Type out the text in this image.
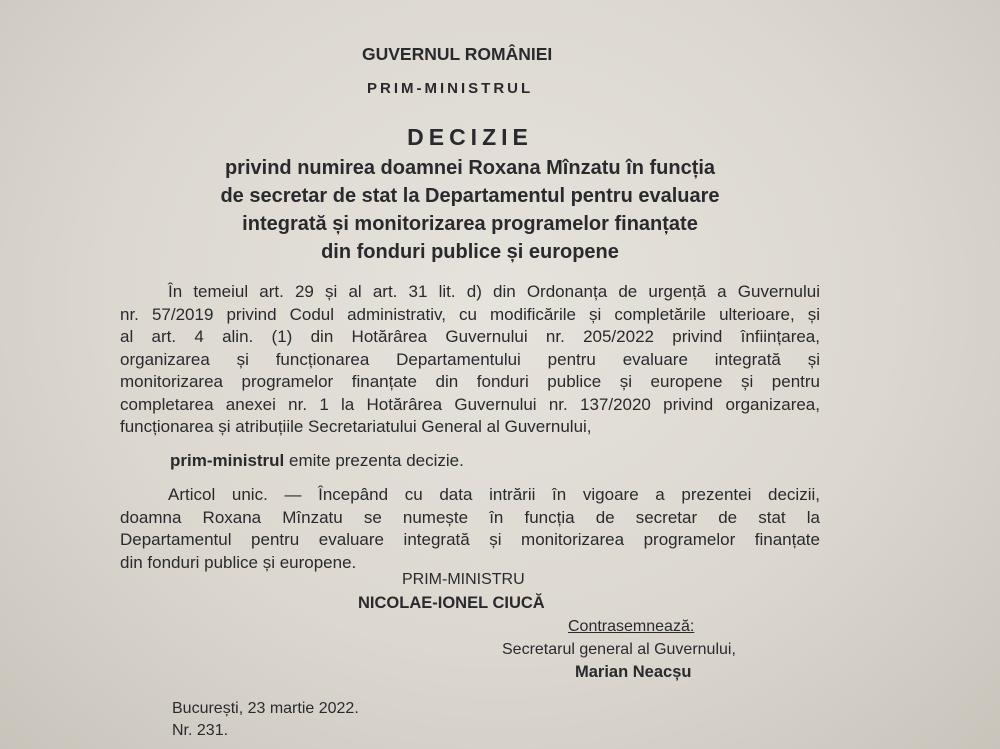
GUVERNUL ROMÂNIEI
PRIM-MINISTRUL
DECIZIE
privind numirea doamnei Roxana Mînzatu în funcția
de secretar de stat la Departamentul pentru evaluare
integrată și monitorizarea programelor finanțate
din fonduri publice și europene
În temeiul art. 29 și al art. 31 lit. d) din Ordonanța de urgență a Guvernului
nr. 57/2019 privind Codul administrativ, cu modificările și completările ulterioare, și
al art. 4 alin. (1) din Hotărârea Guvernului nr. 205/2022 privind înființarea,
organizarea și funcționarea Departamentului pentru evaluare integrată și
monitorizarea programelor finanțate din fonduri publice și europene și pentru
completarea anexei nr. 1 la Hotărârea Guvernului nr. 137/2020 privind organizarea,
funcționarea și atribuțiile Secretariatului General al Guvernului,
prim-ministrul emite prezenta decizie.
Articol unic. — Începând cu data intrării în vigoare a prezentei decizii,
doamna Roxana Mînzatu se numește în funcția de secretar de stat la
Departamentul pentru evaluare integrată și monitorizarea programelor finanțate
din fonduri publice și europene.
PRIM-MINISTRU
NICOLAE-IONEL CIUCĂ
Contrasemnează:
Secretarul general al Guvernului,
Marian Neacșu
București, 23 martie 2022.
Nr. 231.
